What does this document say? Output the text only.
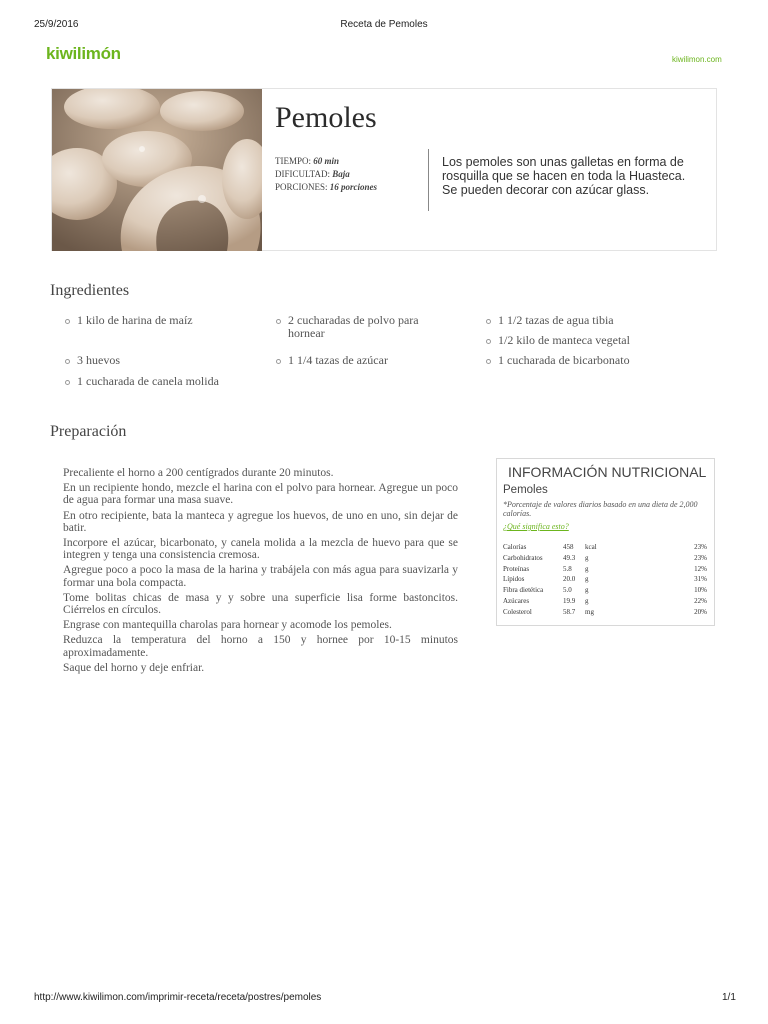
25/9/2016	Receta de Pemoles
kiwilimón	kiwilimon.com
Pemoles
TIEMPO: 60 min
DIFICULTAD: Baja
PORCIONES: 16 porciones
Los pemoles son unas galletas en forma de rosquilla que se hacen en toda la Huasteca. Se pueden decorar con azúcar glass.
Ingredientes
1 kilo de harina de maíz
3 huevos
1 cucharada de canela molida
2 cucharadas de polvo para hornear
1 1/4 tazas de azúcar
1 1/2 tazas de agua tibia
1/2 kilo de manteca vegetal
1 cucharada de bicarbonato
Preparación

Precaliente el horno a 200 centígrados durante 20 minutos.

En un recipiente hondo, mezcle el harina con el polvo para hornear. Agregue un poco de agua para formar una masa suave.

En otro recipiente, bata la manteca y agregue los huevos, de uno en uno, sin dejar de batir.

Incorpore el azúcar, bicarbonato, y canela molida a la mezcla de huevo para que se integren y tenga una consistencia cremosa.

Agregue poco a poco la masa de la harina y trabájela con más agua para suavizarla y formar una bola compacta.

Tome bolitas chicas de masa y y sobre una superficie lisa forme bastoncitos. Ciérrelos en círculos.

Engrase con mantequilla charolas para hornear y acomode los pemoles.

Reduzca la temperatura del horno a 150 y hornee por 10-15 minutos aproximadamente.

Saque del horno y deje enfriar.

INFORMACIÓN NUTRICIONAL
Pemoles
*Porcentaje de valores diarios basado en una dieta de 2,000 calorías.
¿Qué significa esto?
Calorías	458 kcal	23%
Carbohidratos	49.3 g	23%
Proteínas	5.8 g	12%
Lípidos	20.0 g	31%
Fibra dietética	5.0 g	10%
Azúcares	19.9 g	22%
Colesterol	58.7 mg	20%
http://www.kiwilimon.com/imprimir-receta/receta/postres/pemoles	1/1
